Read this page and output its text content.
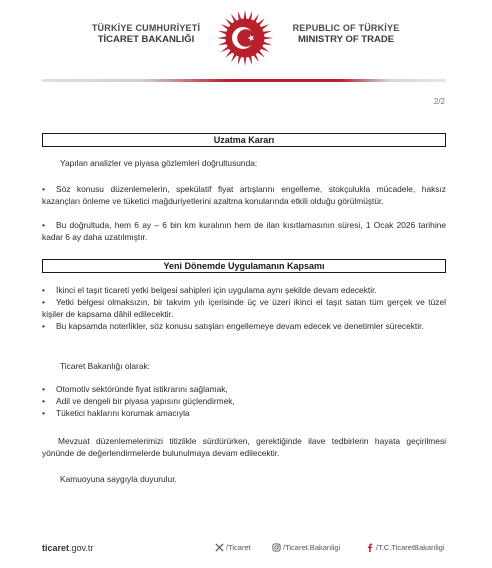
TÜRKİYE CUMHURİYETİ
TİCARET BAKANLIĞI
REPUBLIC OF TÜRKİYE
MINISTRY OF TRADE
2/2
Uzatma Kararı

Yapılan analizler ve piyasa gözlemleri doğrultusunda:

•	Söz konusu düzenlemelerin, spekülatif fiyat artışlarını engelleme, stokçulukla mücadele, haksız kazançları önleme ve tüketici mağduriyetlerini azaltma konularında etkili olduğu görülmüştür.
•	Bu doğrultuda, hem 6 ay – 6 bin km kuralının hem de ilan kısıtlamasının süresi, 1 Ocak 2026 tarihine kadar 6 ay daha uzatılmıştır.
Yeni Dönemde Uygulamanın Kapsamı
•	İkinci el taşıt ticareti yetki belgesi sahipleri için uygulama aynı şekilde devam edecektir.
•	Yetki belgesi olmaksızın, bir takvim yılı içerisinde üç ve üzeri ikinci el taşıt satan tüm gerçek ve tüzel kişiler de kapsama dâhil edilecektir.
•	Bu kapsamda noterlikler, söz konusu satışları engellemeye devam edecek ve denetimler sürecektir.

Ticaret Bakanlığı olarak:

• Otomotiv sektöründe fiyat istikrarını sağlamak,
• Adil ve dengeli bir piyasa yapısını güçlendirmek,
• Tüketici haklarını korumak amacıyla

Mevzuat düzenlemelerimizi titizlikle sürdürürken, gerektiğinde ilave tedbirlerin hayata geçirilmesi yönünde de değerlendirmelerde bulunulmaya devam edilecektir.

Kamuoyuna saygıyla duyurulur.

ticaret.gov.tr	/Ticaret	/Ticaret.Bakanligi	/T.C.TicaretBakanligi
